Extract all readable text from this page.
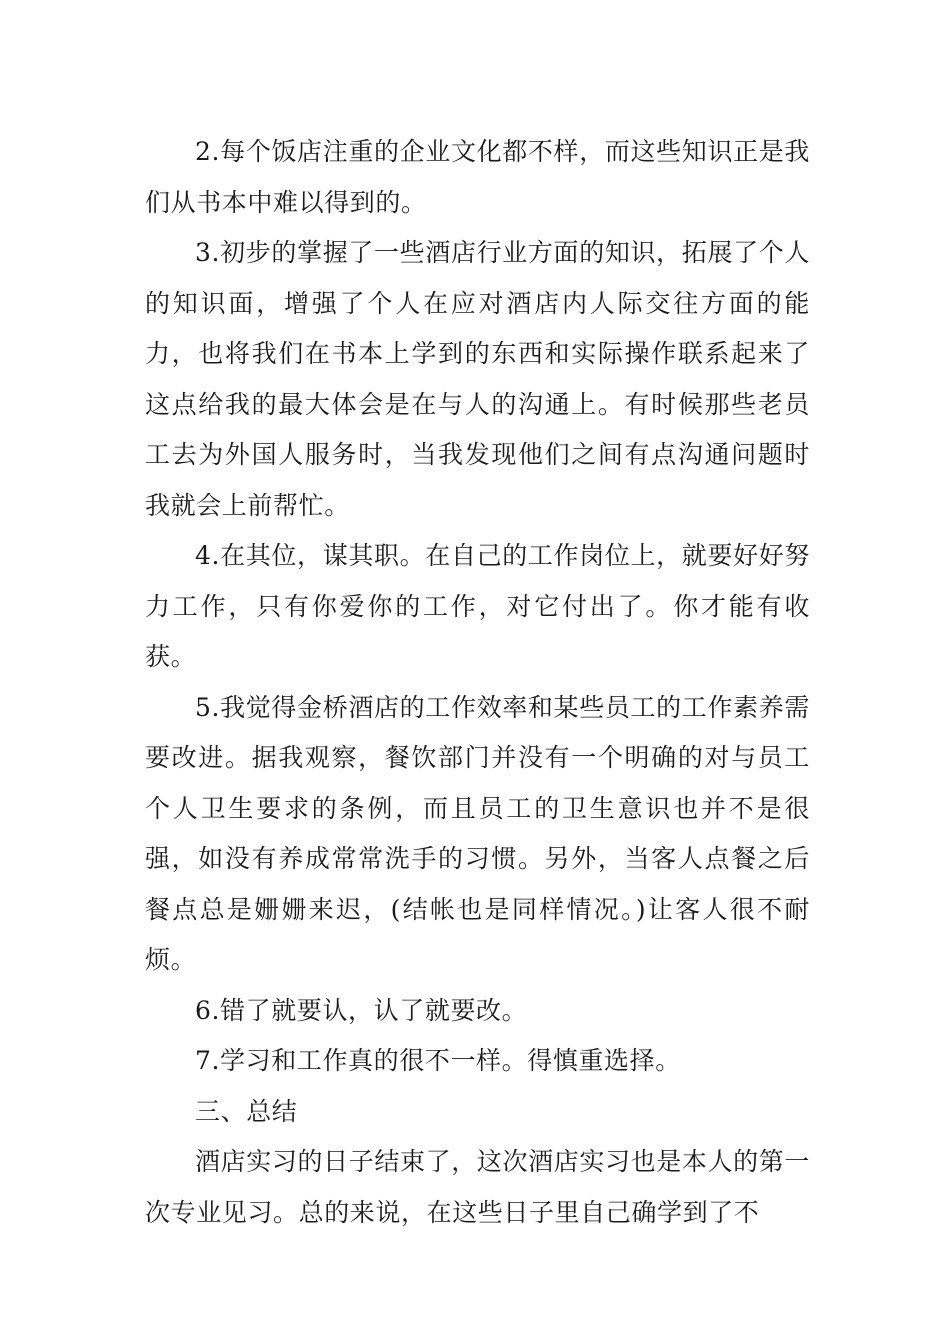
2.每个饭店注重的企业文化都不样，而这些知识正是我们从书本中难以得到的。

3.初步的掌握了一些酒店行业方面的知识，拓展了个人的知识面，增强了个人在应对酒店内人际交往方面的能力，也将我们在书本上学到的东西和实际操作联系起来了这点给我的最大体会是在与人的沟通上。有时候那些老员工去为外国人服务时，当我发现他们之间有点沟通问题时我就会上前帮忙。

4.在其位，谋其职。在自己的工作岗位上，就要好好努力工作，只有你爱你的工作，对它付出了。你才能有收获。

5.我觉得金桥酒店的工作效率和某些员工的工作素养需要改进。据我观察，餐饮部门并没有一个明确的对与员工个人卫生要求的条例，而且员工的卫生意识也并不是很强，如没有养成常常洗手的习惯。另外，当客人点餐之后餐点总是姗姗来迟，(结帐也是同样情况。)让客人很不耐烦。

6.错了就要认，认了就要改。

7.学习和工作真的很不一样。得慎重选择。

三、总结

酒店实习的日子结束了，这次酒店实习也是本人的第一次专业见习。总的来说，在这些日子里自己确学到了不
